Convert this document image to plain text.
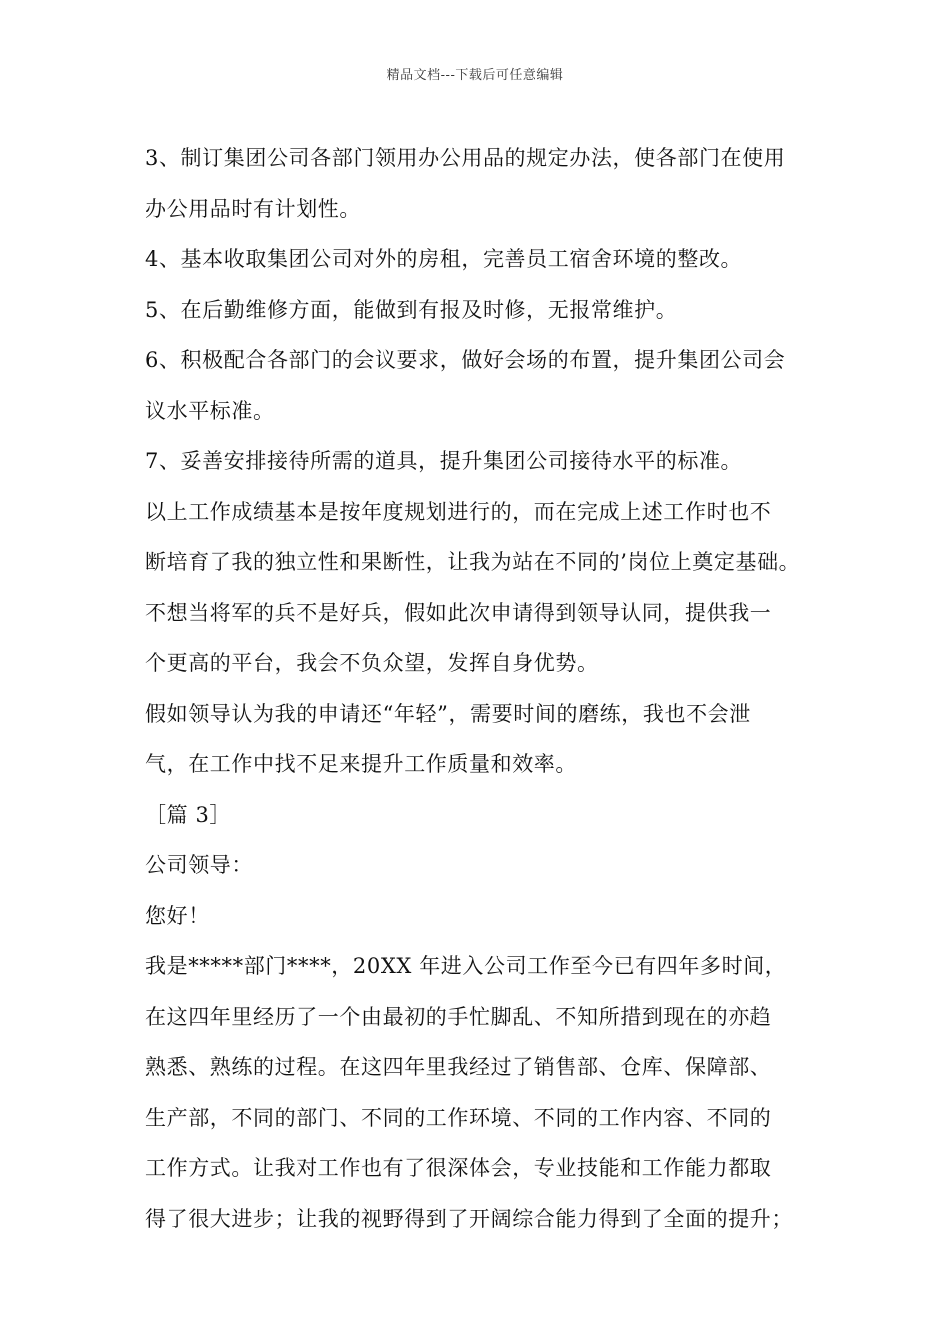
精品文档---下载后可任意编辑
3、制订集团公司各部门领用办公用品的规定办法，使各部门在使用
办公用品时有计划性。
4、基本收取集团公司对外的房租，完善员工宿舍环境的整改。
5、在后勤维修方面，能做到有报及时修，无报常维护。
6、积极配合各部门的会议要求，做好会场的布置，提升集团公司会
议水平标准。
7、妥善安排接待所需的道具，提升集团公司接待水平的标准。
以上工作成绩基本是按年度规划进行的，而在完成上述工作时也不
断培育了我的独立性和果断性，让我为站在不同的’岗位上奠定基础。
不想当将军的兵不是好兵，假如此次申请得到领导认同，提供我一
个更高的平台，我会不负众望，发挥自身优势。
假如领导认为我的申请还“年轻”，需要时间的磨练，我也不会泄
气，在工作中找不足来提升工作质量和效率。
［篇 3］
公司领导：
您好！
我是*****部门****，20XX 年进入公司工作至今已有四年多时间，
在这四年里经历了一个由最初的手忙脚乱、不知所措到现在的亦趋
熟悉、熟练的过程。在这四年里我经过了销售部、仓库、保障部、
生产部，不同的部门、不同的工作环境、不同的工作内容、不同的
工作方式。让我对工作也有了很深体会，专业技能和工作能力都取
得了很大进步；让我的视野得到了开阔综合能力得到了全面的提升；
